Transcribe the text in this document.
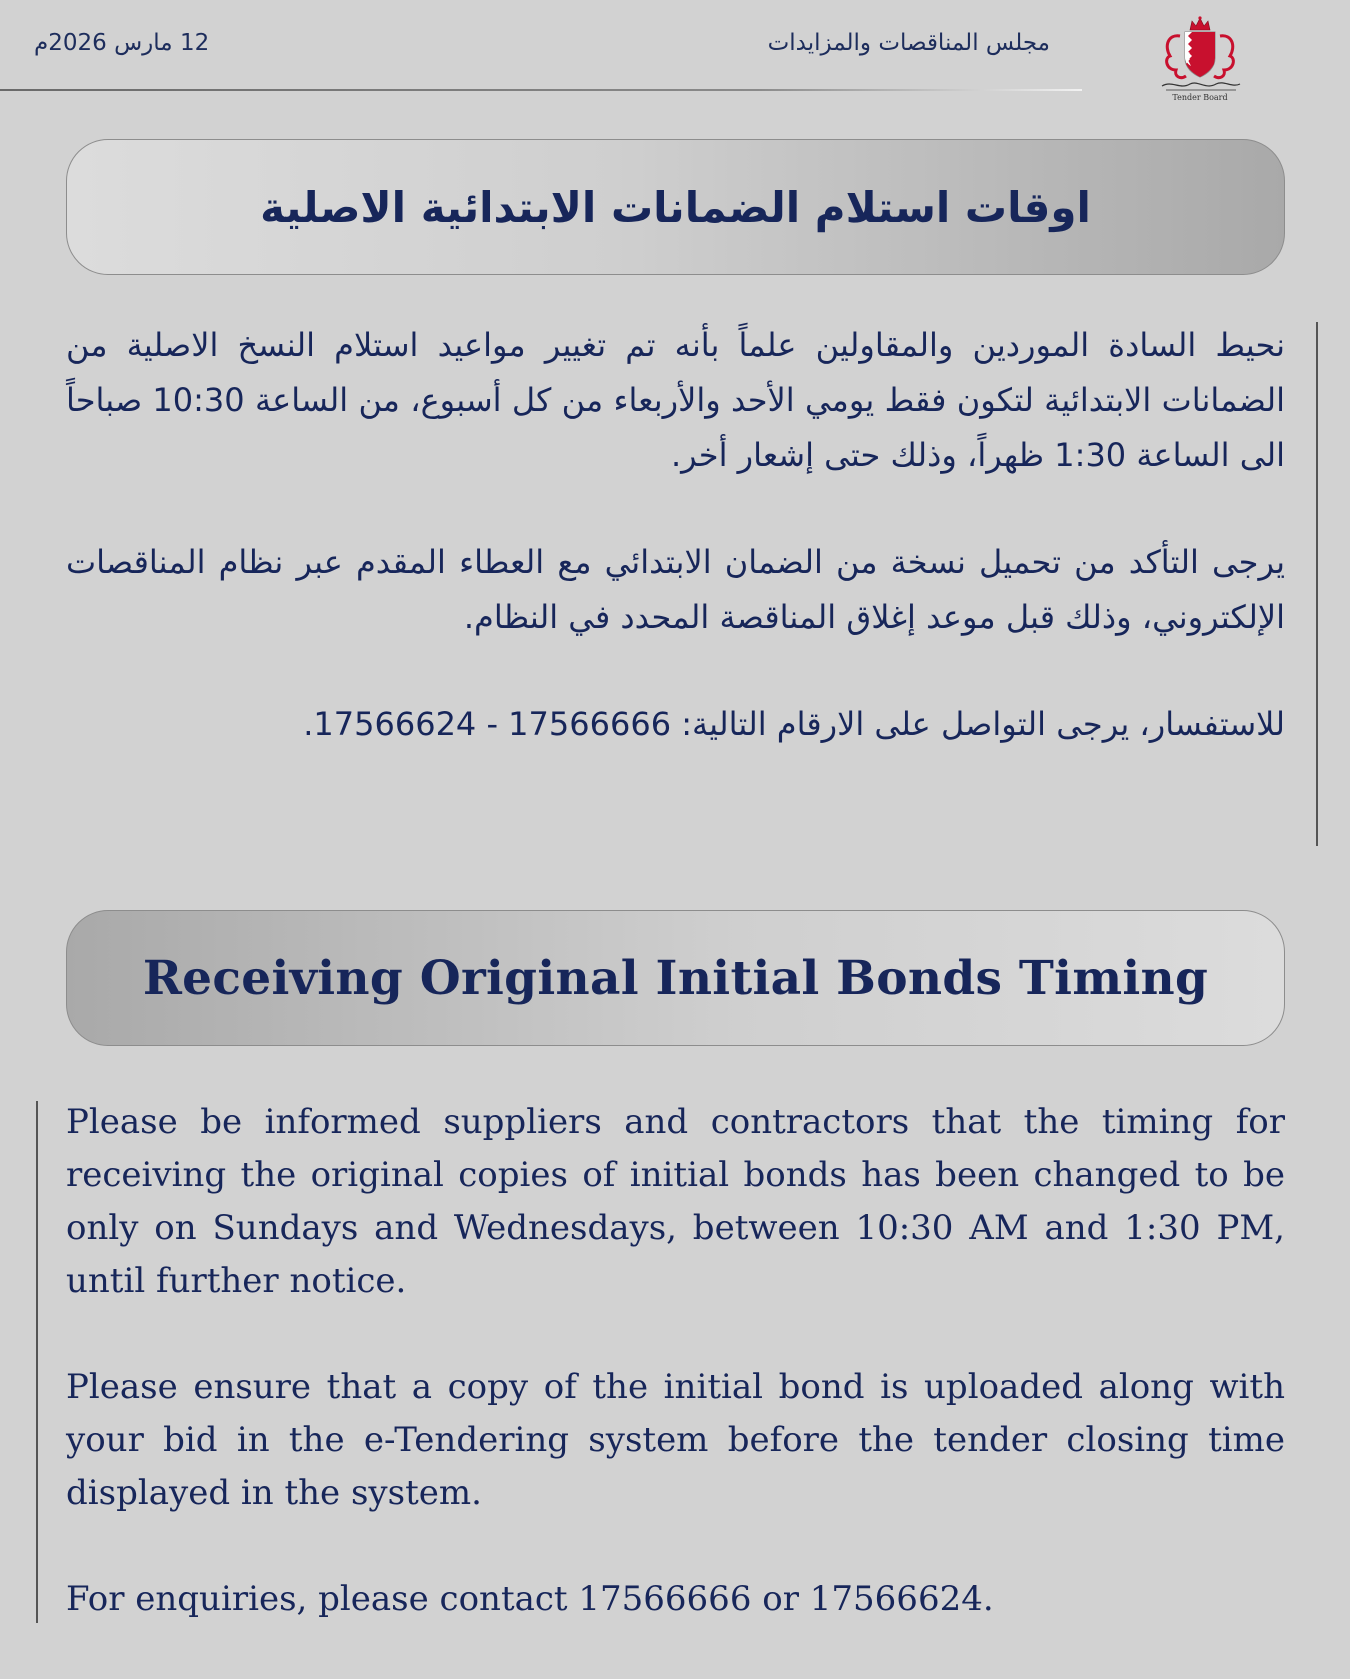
12 مارس 2026م	مجلس المناقصات والمزايدات
Tender Board
اوقات استلام الضمانات الابتدائية الاصلية

نحيط السادة الموردين والمقاولين علماً بأنه تم تغيير مواعيد استلام النسخ الاصلية من الضمانات الابتدائية لتكون فقط يومي الأحد والأربعاء من كل أسبوع، من الساعة 10:30 صباحاً الى الساعة 1:30 ظهراً، وذلك حتى إشعار أخر.

يرجى التأكد من تحميل نسخة من الضمان الابتدائي مع العطاء المقدم عبر نظام المناقصات الإلكتروني، وذلك قبل موعد إغلاق المناقصة المحدد في النظام.

للاستفسار، يرجى التواصل على الارقام التالية: 17566666 - 17566624.

Receiving Original Initial Bonds Timing

Please be informed suppliers and contractors that the timing for receiving the original copies of initial bonds has been changed to be only on Sundays and Wednesdays, between 10:30 AM and 1:30 PM, until further notice.

Please ensure that a copy of the initial bond is uploaded along with your bid in the e-Tendering system before the tender closing time displayed in the system.

For enquiries, please contact 17566666 or 17566624.
